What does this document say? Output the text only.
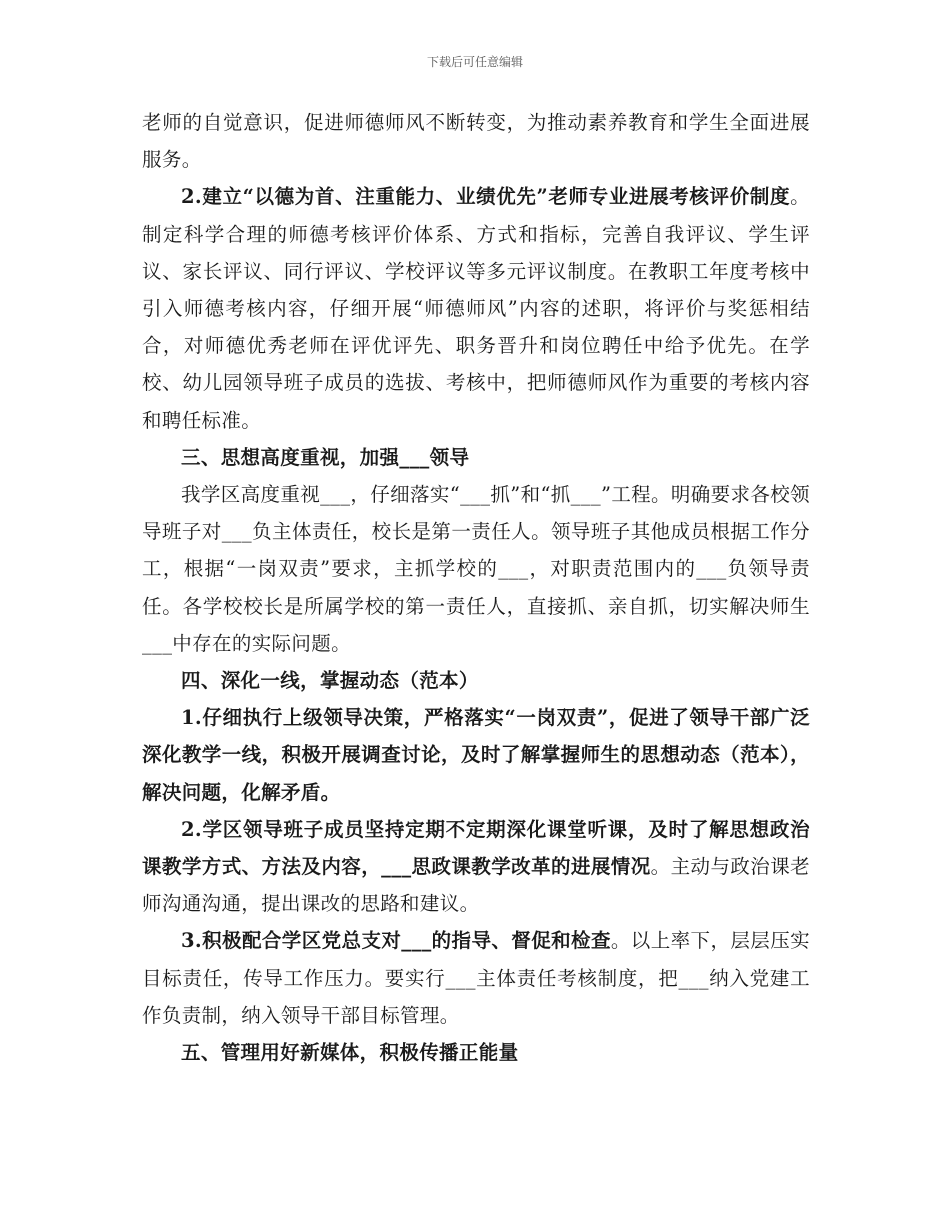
下载后可任意编辑

老师的自觉意识，促进师德师风不断转变，为推动素养教育和学生全面进展服务。

2.建立“以德为首、注重能力、业绩优先”老师专业进展考核评价制度。制定科学合理的师德考核评价体系、方式和指标，完善自我评议、学生评议、家长评议、同行评议、学校评议等多元评议制度。在教职工年度考核中引入师德考核内容，仔细开展“师德师风”内容的述职，将评价与奖惩相结合，对师德优秀老师在评优评先、职务晋升和岗位聘任中给予优先。在学校、幼儿园领导班子成员的选拔、考核中，把师德师风作为重要的考核内容和聘任标准。

三、思想高度重视，加强___领导

我学区高度重视___，仔细落实“___抓”和“抓___”工程。明确要求各校领导班子对___负主体责任，校长是第一责任人。领导班子其他成员根据工作分工，根据“一岗双责”要求，主抓学校的___，对职责范围内的___负领导责任。各学校校长是所属学校的第一责任人，直接抓、亲自抓，切实解决师生___中存在的实际问题。

四、深化一线，掌握动态（范本）

1.仔细执行上级领导决策，严格落实“一岗双责”，促进了领导干部广泛深化教学一线，积极开展调查讨论，及时了解掌握师生的思想动态（范本），解决问题，化解矛盾。

2.学区领导班子成员坚持定期不定期深化课堂听课，及时了解思想政治课教学方式、方法及内容，___思政课教学改革的进展情况。主动与政治课老师沟通沟通，提出课改的思路和建议。

3.积极配合学区党总支对___的指导、督促和检查。以上率下，层层压实目标责任，传导工作压力。要实行___主体责任考核制度，把___纳入党建工作负责制，纳入领导干部目标管理。

五、管理用好新媒体，积极传播正能量
